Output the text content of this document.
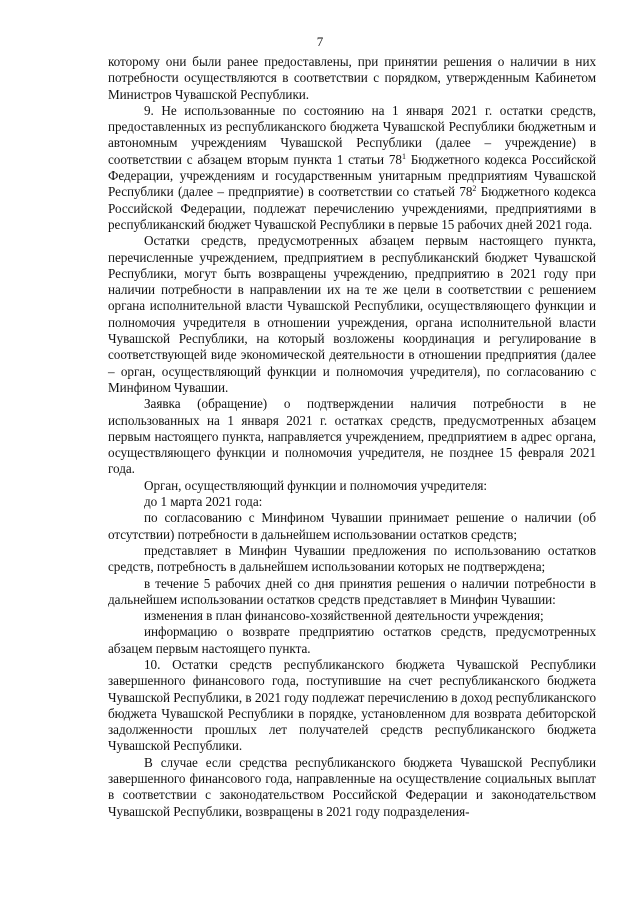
7

которому они были ранее предоставлены, при принятии решения о наличии в них потребности осуществляются в соответствии с порядком, утвержденным Кабинетом Министров Чувашской Республики.

9. Не использованные по состоянию на 1 января 2021 г. остатки средств, предоставленных из республиканского бюджета Чувашской Республики бюджетным и автономным учреждениям Чувашской Республики (далее – учреждение) в соответствии с абзацем вторым пункта 1 статьи $78^1$ Бюджетного кодекса Российской Федерации, учреждениям и государственным унитарным предприятиям Чувашской Республики (далее – предприятие) в соответствии со статьей $78^2$ Бюджетного кодекса Российской Федерации, подлежат перечислению учреждениями, предприятиями в республиканский бюджет Чувашской Республики в первые 15 рабочих дней 2021 года.

Остатки средств, предусмотренных абзацем первым настоящего пункта, перечисленные учреждением, предприятием в республиканский бюджет Чувашской Республики, могут быть возвращены учреждению, предприятию в 2021 году при наличии потребности в направлении их на те же цели в соответствии с решением органа исполнительной власти Чувашской Республики, осуществляющего функции и полномочия учредителя в отношении учреждения, органа исполнительной власти Чувашской Республики, на который возложены координация и регулирование в соответствующей виде экономической деятельности в отношении предприятия (далее – орган, осуществляющий функции и полномочия учредителя), по согласованию с Минфином Чувашии.

Заявка (обращение) о подтверждении наличия потребности в не использованных на 1 января 2021 г. остатках средств, предусмотренных абзацем первым настоящего пункта, направляется учреждением, предприятием в адрес органа, осуществляющего функции и полномочия учредителя, не позднее 15 февраля 2021 года.

Орган, осуществляющий функции и полномочия учредителя:

до 1 марта 2021 года:

по согласованию с Минфином Чувашии принимает решение о наличии (об отсутствии) потребности в дальнейшем использовании остатков средств;

представляет в Минфин Чувашии предложения по использованию остатков средств, потребность в дальнейшем использовании которых не подтверждена;

в течение 5 рабочих дней со дня принятия решения о наличии потребности в дальнейшем использовании остатков средств представляет в Минфин Чувашии:

изменения в план финансово-хозяйственной деятельности учреждения;

информацию о возврате предприятию остатков средств, предусмотренных абзацем первым настоящего пункта.

10. Остатки средств республиканского бюджета Чувашской Республики завершенного финансового года, поступившие на счет республиканского бюджета Чувашской Республики, в 2021 году подлежат перечислению в доход республиканского бюджета Чувашской Республики в порядке, установленном для возврата дебиторской задолженности прошлых лет получателей средств республиканского бюджета Чувашской Республики.

В случае если средства республиканского бюджета Чувашской Республики завершенного финансового года, направленные на осуществление социальных выплат в соответствии с законодательством Российской Федерации и законодательством Чувашской Республики, возвращены в 2021 году подразделения-
